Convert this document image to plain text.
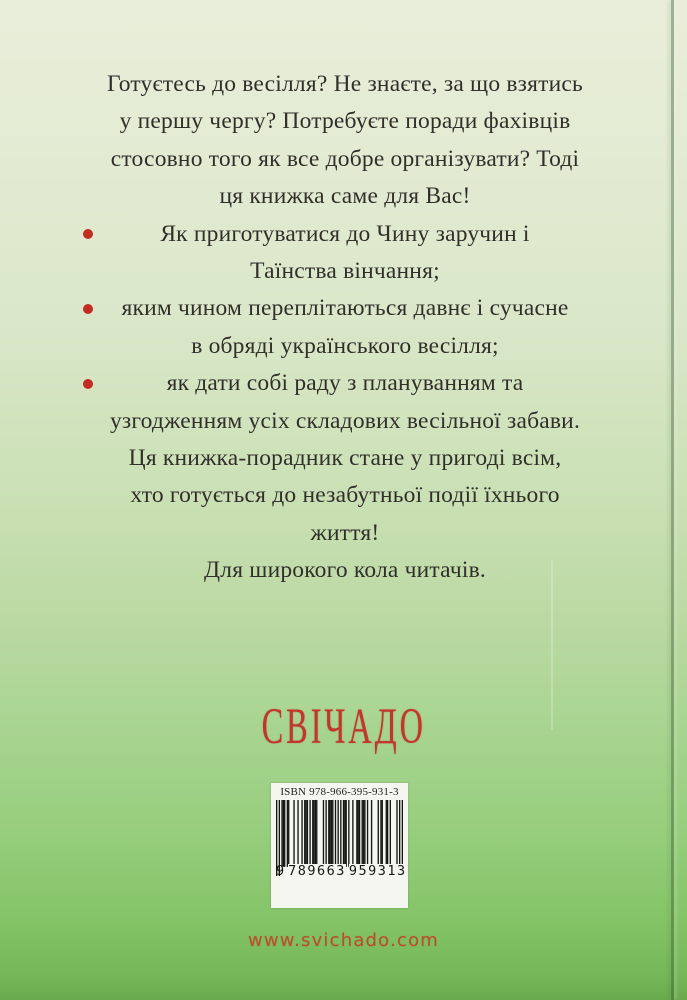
Готуєтесь до весілля? Не знаєте, за що взятись
у першу чергу? Потребуєте поради фахівців
стосовно того як все добре організувати? Тоді
ця книжка саме для Вас!
Як приготуватися до Чину заручин і
Таїнства вінчання;
яким чином переплітаються давнє і сучасне
в обряді українського весілля;
як дати собі раду з плануванням та
узгодженням усіх складових весільної забави.
Ця книжка-порадник стане у пригоді всім,
хто готується до незабутньої події їхнього
життя!
Для широкого кола читачів.
СВІЧАДО
ISBN 978-966-395-931-3
9 789663 959313
www.svichado.com
